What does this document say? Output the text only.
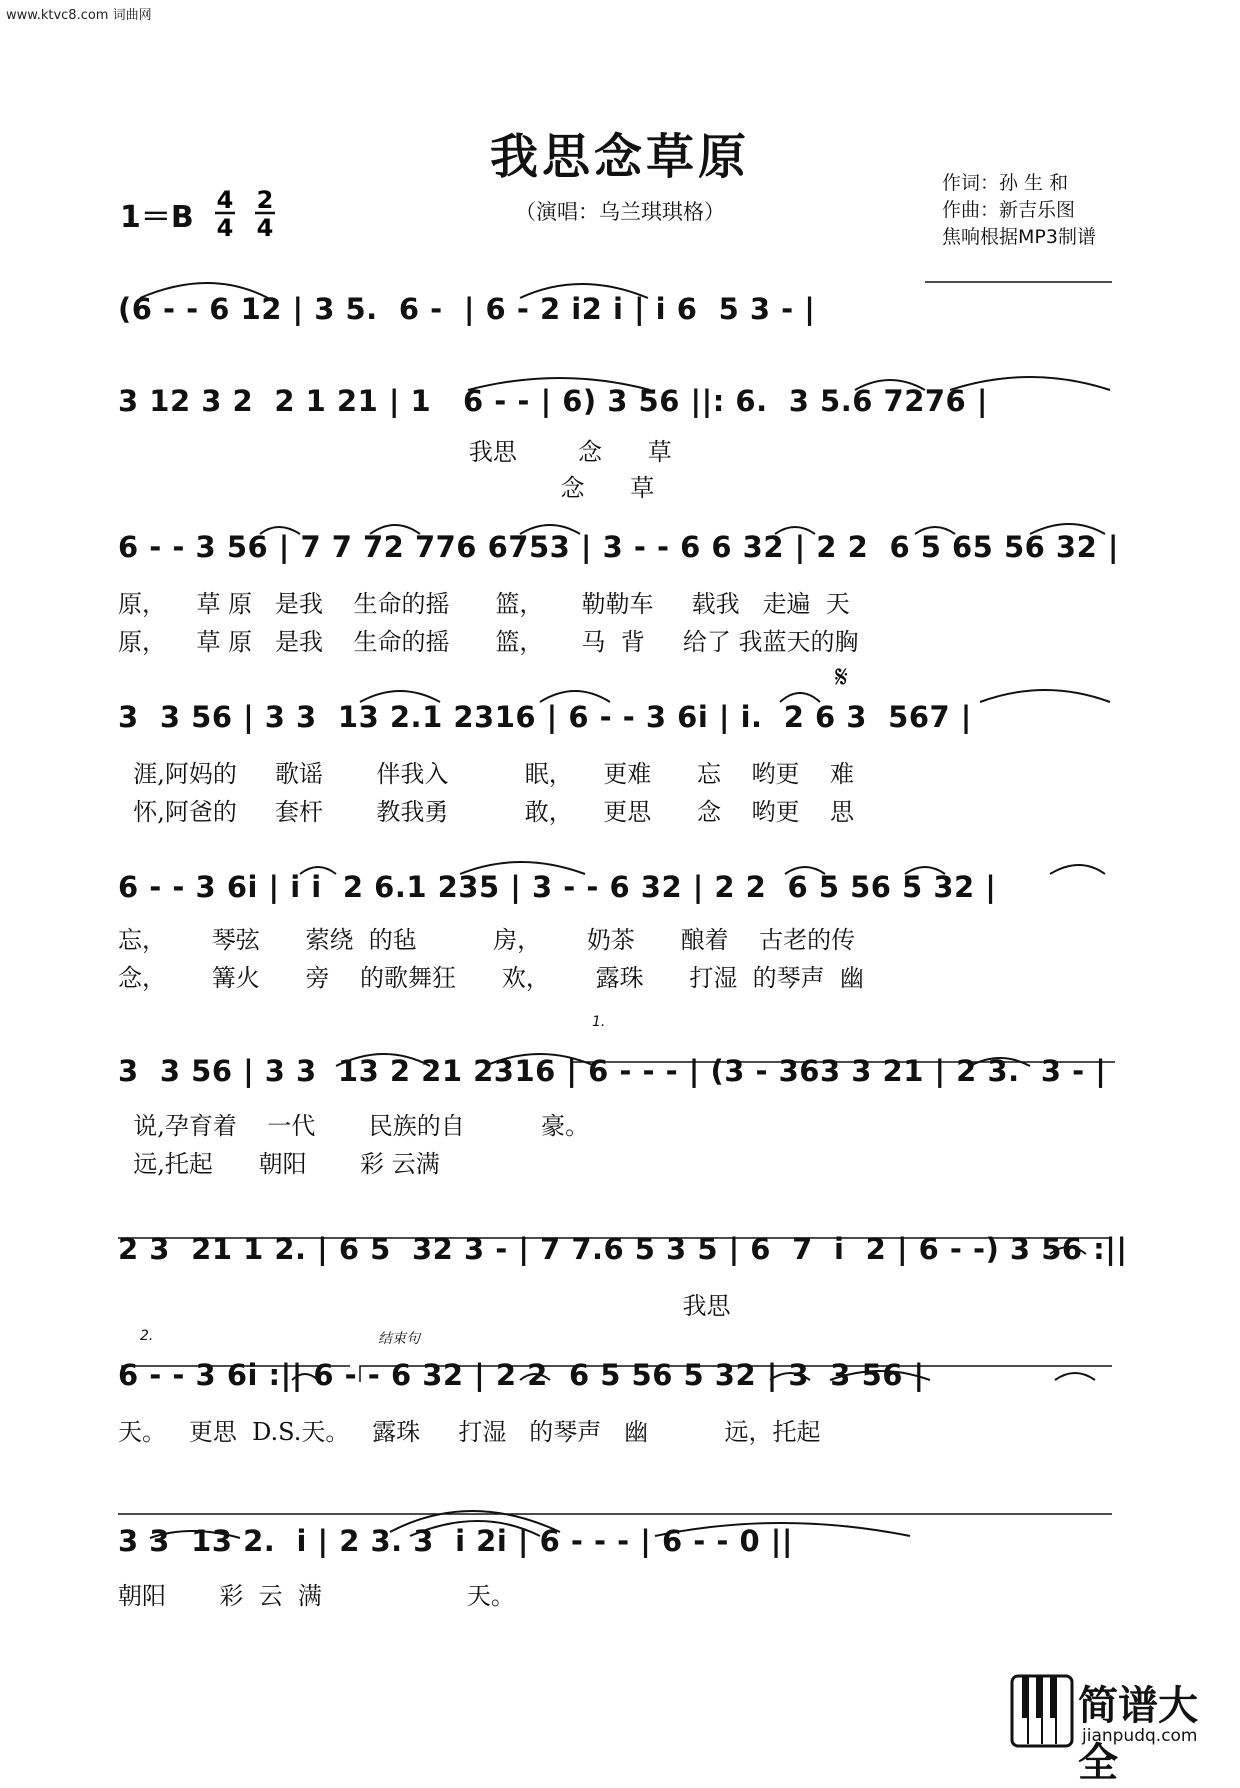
www.ktvc8.com 词曲网
我思念草原
（演唱：乌兰琪琪格）
作词：孙 生 和
作曲：新吉乐图
焦响根据MP3制谱
1＝B 4
4
2
4
(6 - - 6 12 | 3 5.  6 -  | 6 - 2 i2 i | i 6  5 3 - |
3 12 3 2  2 1 21 | 1   6 - - | 6) 3 56 ||: 6.  3 5.6 7276 |
我思        念      草
念      草
6 - - 3 56 | 7 7 72 776 6753 | 3 - - 6 6 32 | 2 2  6 5 65 56 32 |
原，    草 原   是我    生命的摇      篮，     勒勒车     载我   走遍  天
原，    草 原   是我    生命的摇      篮，     马  背     给了 我蓝天的胸
3  3 56 | 3 3  13 2.1 2316 | 6 - - 3 6i | i.  2 6 3  567 |
𝄋
涯,阿妈的     歌谣       伴我入          眠，    更难      忘    哟更    难
怀,阿爸的     套杆       教我勇          敢，    更思      念    哟更    思
6 - - 3 6i | i i  2 6.1 235 | 3 - - 6 32 | 2 2  6 5 56 5 32 |
忘，      琴弦      萦绕  的毡          房，      奶茶      酿着    古老的传
念，      篝火      旁    的歌舞狂      欢，      露珠      打湿  的琴声  幽
1.
3  3 56 | 3 3  13 2 21 2316 | 6 - - - | (3 - 363 3 21 | 2 3.  3 - |
说,孕育着    一代       民族的自          豪。
远,托起      朝阳       彩 云满
2 3  21 1 2. | 6 5  32 3 - | 7 7.6 5 3 5 | 6  7  i  2 | 6 - -) 3 56 :||
我思
2.	结束句
6 - - 3 6i :|| 6 - - 6 32 | 2 2  6 5 56 5 32 | 3  3 56 |
天。   更思  D.S.天。   露珠     打湿   的琴声   幽          远，托起
3 3  13 2.  i | 2 3. 3  i 2i | 6 - - - | 6 - - 0 ||
朝阳       彩  云  满                   天。
简谱大全
jianpudq.com
